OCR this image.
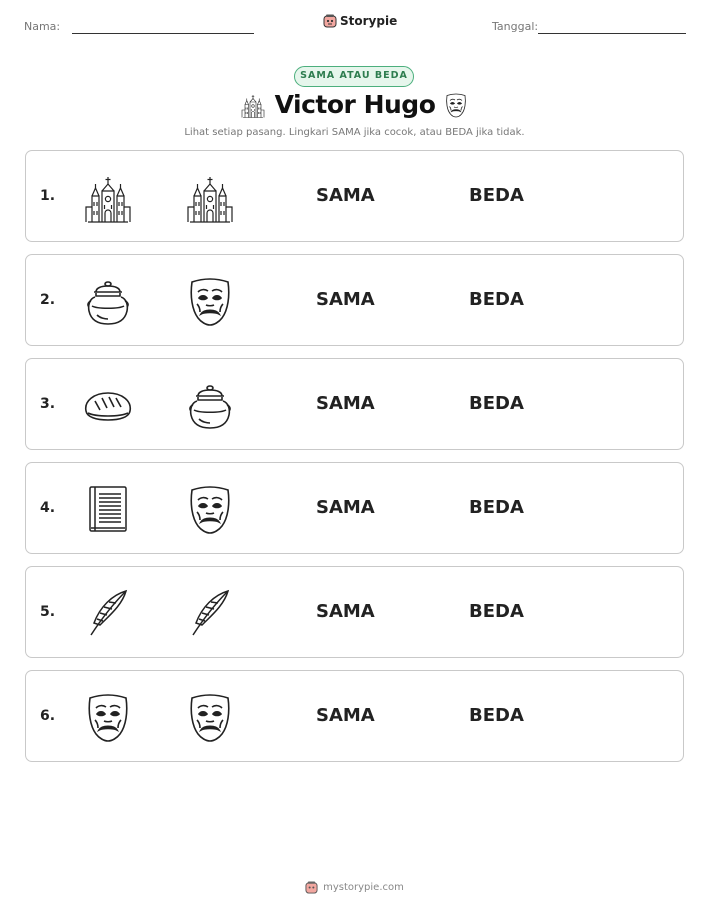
Nama:	Storypie	Tanggal:
SAMA ATAU BEDA
Victor Hugo
Lihat setiap pasang. Lingkari SAMA jika cocok, atau BEDA jika tidak.
1.	SAMA	BEDA
2.	SAMA	BEDA
3.	SAMA	BEDA
4.	SAMA	BEDA
5.	SAMA	BEDA
6.	SAMA	BEDA
mystorypie.com
